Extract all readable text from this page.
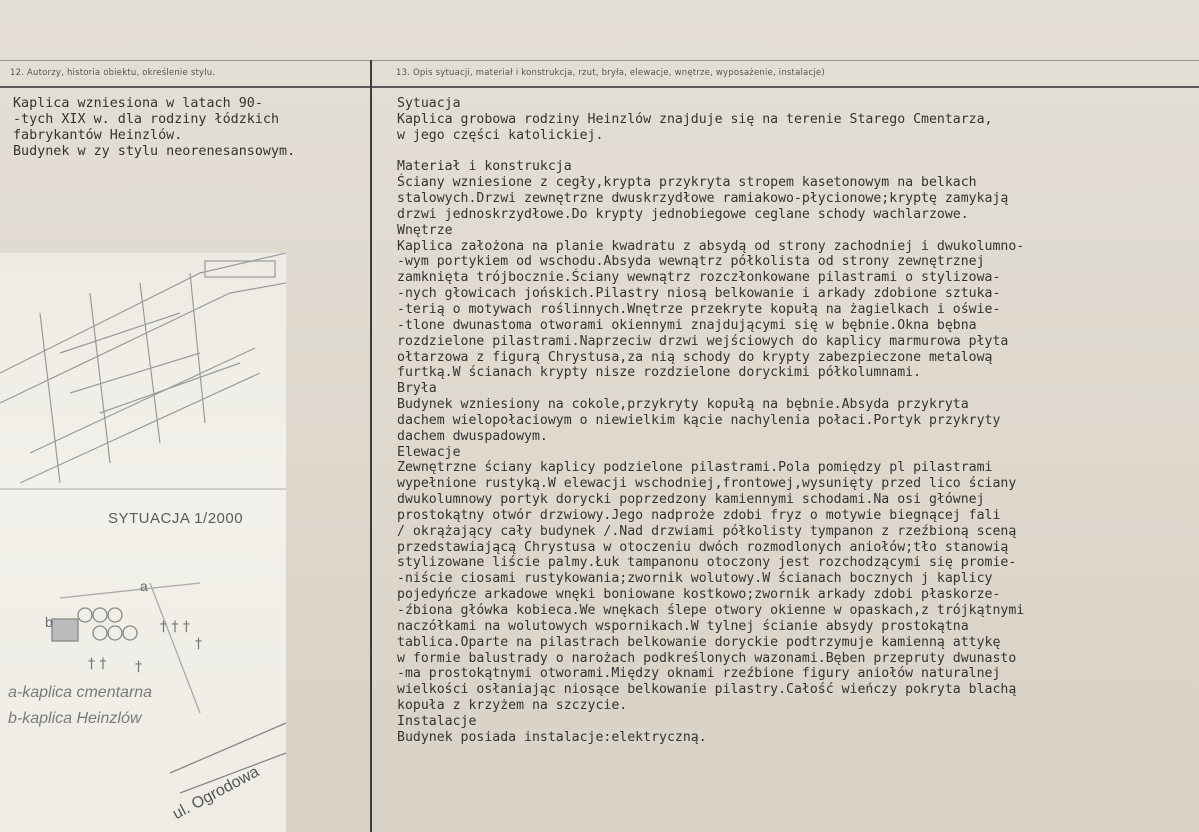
12. Autorzy, historia obiektu, określenie stylu.	13. Opis sytuacji, materiał i konstrukcja, rzut, bryła, elewacje, wnętrze, wyposażenie, instalacje)
Kaplica wzniesiona w latach 90-
-tych XIX w. dla rodziny łódzkich
fabrykantów Heinzlów.
Budynek w zy stylu neorenesansowym.
Sytuacja
Kaplica grobowa rodziny Heinzlów znajduje się na terenie Starego Cmentarza,
w jego części katolickiej.

Materiał i konstrukcja
Ściany wzniesione z cegły,krypta przykryta stropem kasetonowym na belkach
stalowych.Drzwi zewnętrzne dwuskrzydłowe ramiakowo-płycionowe;kryptę zamykają
drzwi jednoskrzydłowe.Do krypty jednobiegowe ceglane schody wachlarzowe.
Wnętrze
Kaplica założona na planie kwadratu z absydą od strony zachodniej i dwukolumno-
-wym portykiem od wschodu.Absyda wewnątrz półkolista od strony zewnętrznej
zamknięta trójbocznie.Ściany wewnątrz rozczłonkowane pilastrami o stylizowa-
-nych głowicach jońskich.Pilastry niosą belkowanie i arkady zdobione sztuka-
-terią o motywach roślinnych.Wnętrze przekryte kopułą na żagielkach i oświe-
-tlone dwunastoma otworami okiennymi znajdującymi się w bębnie.Okna bębna
rozdzielone pilastrami.Naprzeciw drzwi wejściowych do kaplicy marmurowa płyta
ołtarzowa z figurą Chrystusa,za nią schody do krypty zabezpieczone metalową
furtką.W ścianach krypty nisze rozdzielone doryckimi półkolumnami.
Bryła
Budynek wzniesiony na cokole,przykryty kopułą na bębnie.Absyda przykryta
dachem wielopołaciowym o niewielkim kącie nachylenia połaci.Portyk przykryty
dachem dwuspadowym.
Elewacje
Zewnętrzne ściany kaplicy podzielone pilastrami.Pola pomiędzy pl pilastrami
wypełnione rustyką.W elewacji wschodniej,frontowej,wysunięty przed lico ściany
dwukolumnowy portyk dorycki poprzedzony kamiennymi schodami.Na osi głównej
prostokątny otwór drzwiowy.Jego nadproże zdobi fryz o motywie biegnącej fali
/ okrążający cały budynek /.Nad drzwiami półkolisty tympanon z rzeźbioną sceną
przedstawiającą Chrystusa w otoczeniu dwóch rozmodlonych aniołów;tło stanowią
stylizowane liście palmy.Łuk tampanonu otoczony jest rozchodzącymi się promie-
-niście ciosami rustykowania;zwornik wolutowy.W ścianach bocznych j kaplicy
pojedyńcze arkadowe wnęki boniowane kostkowo;zwornik arkady zdobi płaskorze-
-źbiona główka kobieca.We wnękach ślepe otwory okienne w opaskach,z trójkątnymi
naczółkami na wolutowych wspornikach.W tylnej ścianie absydy prostokątna
tablica.Oparte na pilastrach belkowanie doryckie podtrzymuje kamienną attykę
w formie balustrady o narożach podkreślonych wazonami.Bęben przepruty dwunasto
-ma prostokątnymi otworami.Między oknami rzeźbione figury aniołów naturalnej
wielkości osłaniając niosące belkowanie pilastry.Całość wieńczy pokryta blachą
kopuła z krzyżem na szczycie.
Instalacje
Budynek posiada instalacje:elektryczną.
† † †
†
† † †
SYTUACJA 1/2000
a
b
a-kaplica cmentarna
b-kaplica Heinzlów
ul. Ogrodowa
